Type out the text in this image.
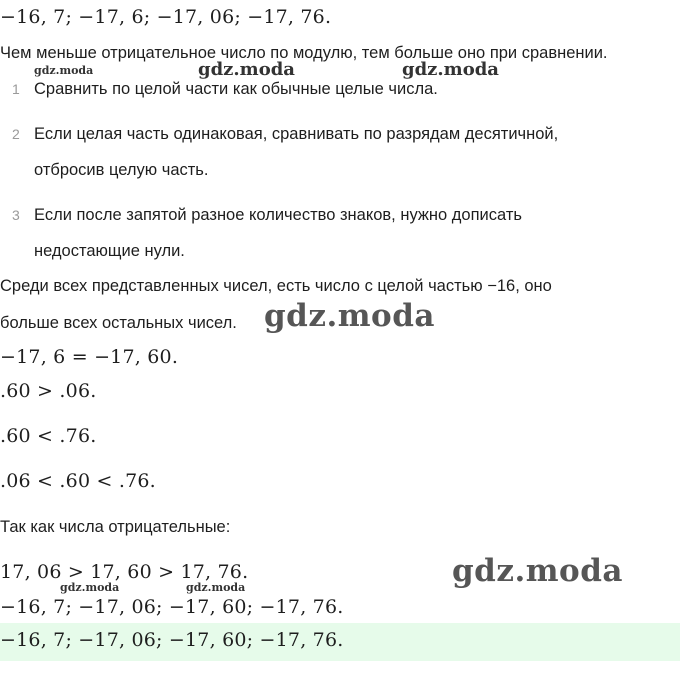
−16, 7; −17, 6; −17, 06; −17, 76.
gdz.moda	gdz.moda	gdz.moda
Чем меньше отрицательное число по модулю, тем больше оно при сравнении.
1 Сравнить по целой части как обычные целые числа.
2 Если целая часть одинаковая, сравнивать по разрядам десятичной,
отбросив целую часть.
3 Если после запятой разное количество знаков, нужно дописать
недостающие нули.
Среди всех представленных чисел, есть число с целой частью −16, оно
больше всех остальных чисел. gdz.moda
−17, 6 = −17, 60.
.60 > .06.
.60 < .76.
.06 < .60 < .76.
Так как числа отрицательные:
17, 06 > 17, 60 > 17, 76.	gdz.moda
gdz.moda	gdz.moda
−16, 7; −17, 06; −17, 60; −17, 76.
−16, 7; −17, 06; −17, 60; −17, 76.
